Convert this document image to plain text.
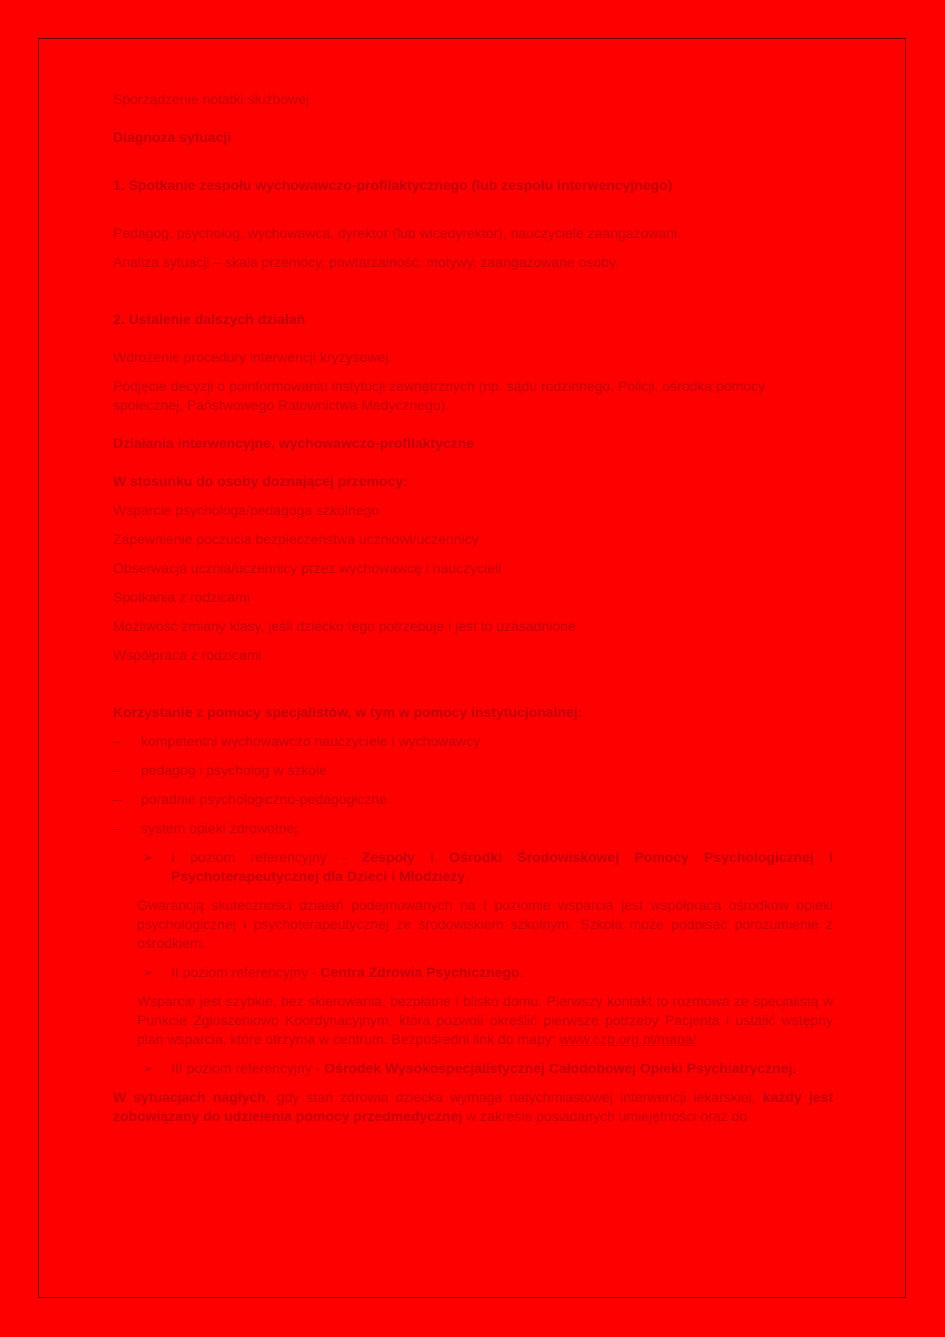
Sporządzenie notatki służbowej

Diagnoza sytuacji

1. Spotkanie zespołu wychowawczo-profilaktycznego (lub zespołu interwencyjnego)

Pedagog, psycholog, wychowawca, dyrektor (lub wicedyrektor), nauczyciele zaangażowani.

Analiza sytuacji – skala przemocy, powtarzalność, motywy, zaangażowane osoby.

2. Ustalenie dalszych działań

Wdrożenie procedury interwencji kryzysowej.

Podjęcie decyzji o poinformowaniu instytucji zewnętrznych (np. sądu rodzinnego, Policji, ośrodka pomocy społecznej, Państwowego Ratownictwa Medycznego).

Działania interwencyjne, wychowawczo-profilaktyczne

W stosunku do osoby doznającej przemocy:

Wsparcie psychologa/pedagoga szkolnego

Zapewnienie poczucia bezpieczeństwa uczniowi/uczennicy

Obserwacja ucznia/uczennicy przez wychowawcę i nauczycieli

Spotkania z rodzicami

Możliwość zmiany klasy, jeśli dziecko tego potrzebuje i jest to uzasadnione

Współpraca z rodzicami

Korzystanie z pomocy specjalistów, w tym w pomocy instytucjonalnej:

–	kompetentni wychowawczo nauczyciele i wychowawcy
–	pedagog i psycholog w szkole
–	poradnie psychologiczno-pedagogiczne
–	system opieki zdrowotnej:
➢	I poziom referencyjny - Zespoły i Ośrodki Środowiskowej Pomocy Psychologicznej i Psychoterapeutycznej dla Dzieci i Młodzieży.

Gwarancją skuteczności działań podejmowanych na I poziomie wsparcia jest współpraca ośrodków opieki psychologicznej i psychoterapeutycznej ze środowiskiem szkolnym. Szkoła może podpisać porozumienie z ośrodkiem.

➢	II poziom referencyjny - Centra Zdrowia Psychicznego.

Wsparcie jest szybkie, bez skierowania, bezpłatne i blisko domu. Pierwszy kontakt to rozmowa ze specjalistą w Punkcie Zgłoszeniowo Koordynacyjnym, która pozwoli określić pierwsze potrzeby Pacjenta i ustalić wstępny plan wsparcia, które otrzyma w centrum. Bezpośredni link do mapy: www.czp.org.pl/mapa/

➢	III poziom referencyjny - Ośrodek Wysokospecjalistycznej Całodobowej Opieki Psychiatrycznej.

W sytuacjach nagłych, gdy stan zdrowia dziecka wymaga natychmiastowej interwencji lekarskiej, każdy jest zobowiązany do udzielenia pomocy przedmedycznej w zakresie posiadanych umiejętności oraz do
